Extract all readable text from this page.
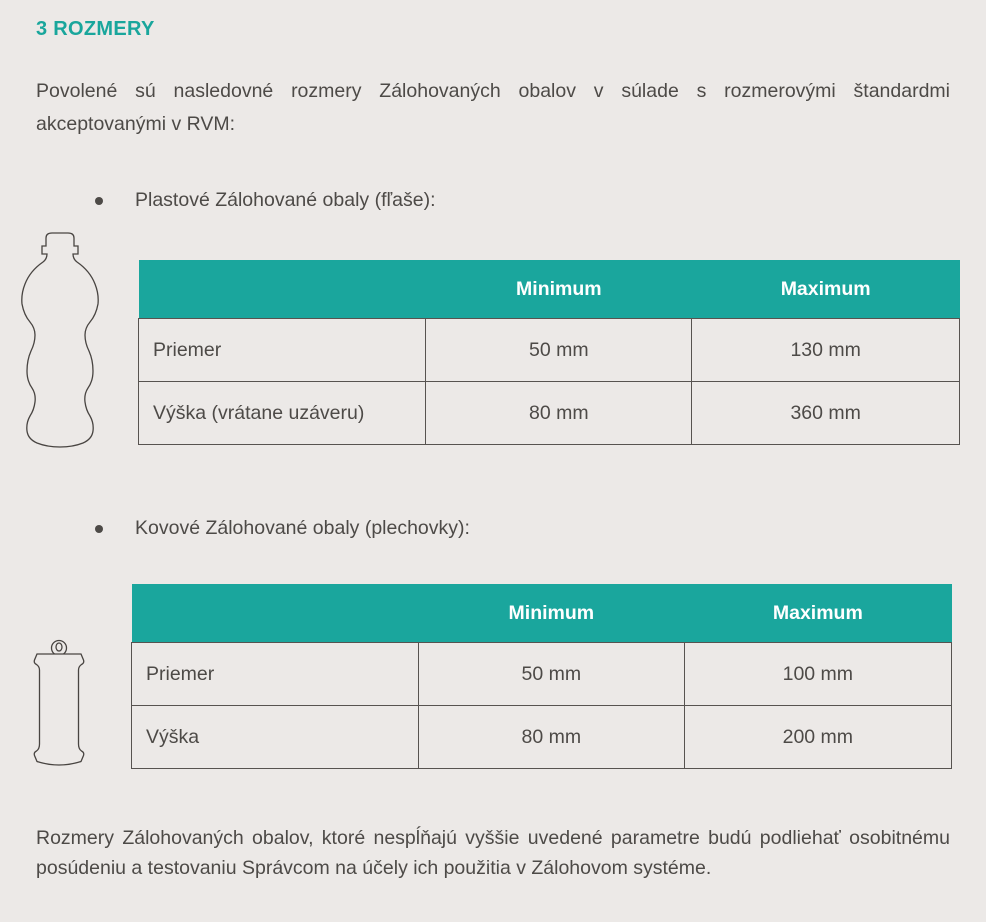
3 ROZMERY

Povolené sú nasledovné rozmery Zálohovaných obalov v súlade s rozmerovými štandardmi akceptovanými v RVM:

Plastové Zálohované obaly (fľaše):
	Minimum	Maximum
Priemer	50 mm	130 mm
Výška (vrátane uzáveru)	80 mm	360 mm
Kovové Zálohované obaly (plechovky):
	Minimum	Maximum
Priemer	50 mm	100 mm
Výška	80 mm	200 mm

Rozmery Zálohovaných obalov, ktoré nespĺňajú vyššie uvedené parametre budú podliehať osobitnému posúdeniu a testovaniu Správcom na účely ich použitia v Zálohovom systéme.
